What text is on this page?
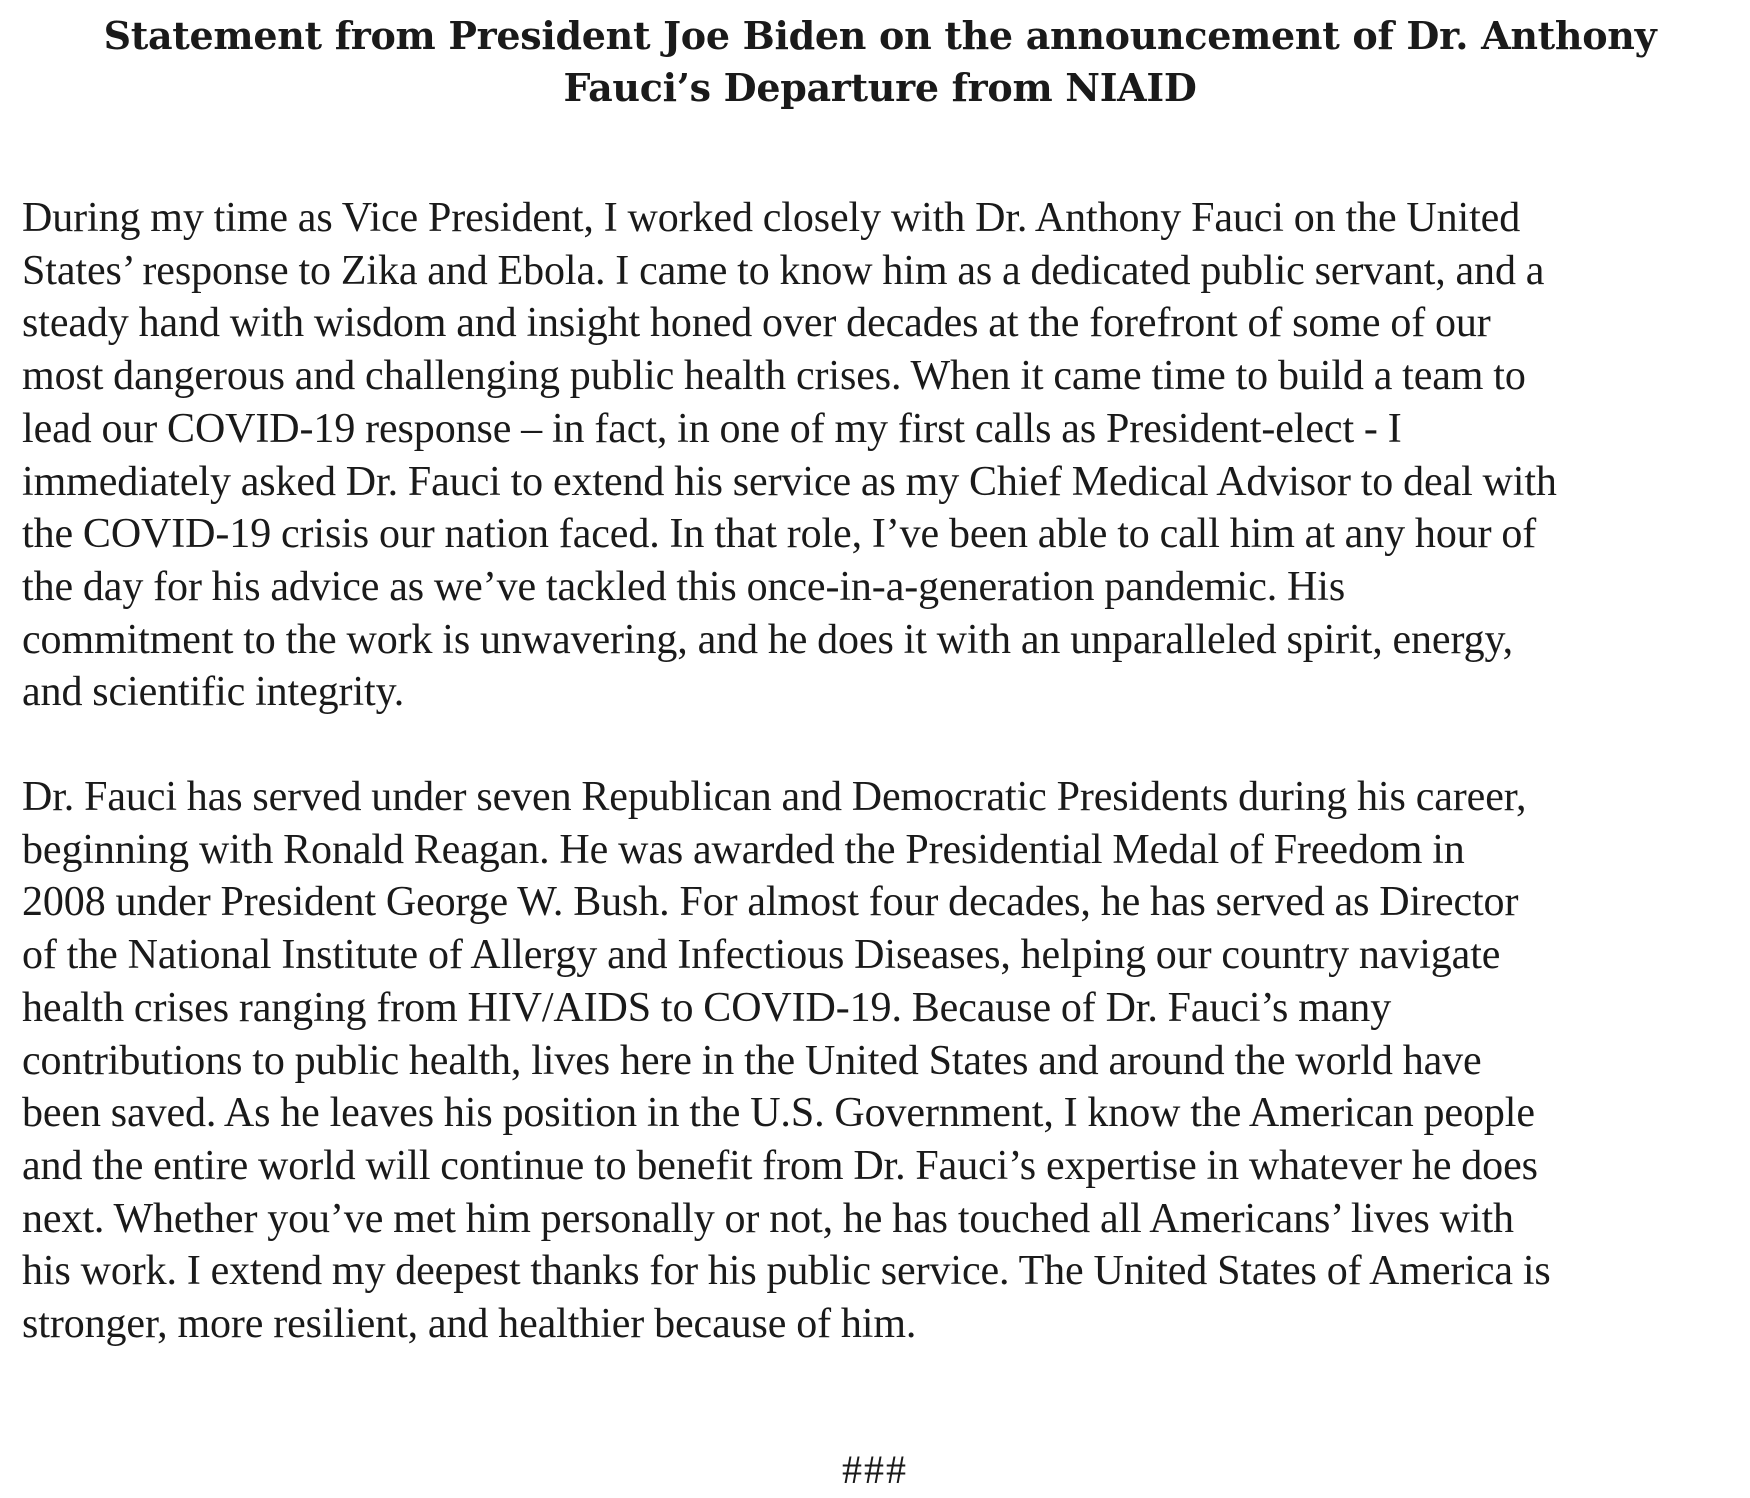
Statement from President Joe Biden on the announcement of Dr. Anthony
Fauci’s Departure from NIAID
During my time as Vice President, I worked closely with Dr. Anthony Fauci on the United
States’ response to Zika and Ebola. I came to know him as a dedicated public servant, and a
steady hand with wisdom and insight honed over decades at the forefront of some of our
most dangerous and challenging public health crises. When it came time to build a team to
lead our COVID-19 response – in fact, in one of my first calls as President-elect - I
immediately asked Dr. Fauci to extend his service as my Chief Medical Advisor to deal with
the COVID-19 crisis our nation faced. In that role, I’ve been able to call him at any hour of
the day for his advice as we’ve tackled this once-in-a-generation pandemic. His
commitment to the work is unwavering, and he does it with an unparalleled spirit, energy,
and scientific integrity.
Dr. Fauci has served under seven Republican and Democratic Presidents during his career,
beginning with Ronald Reagan. He was awarded the Presidential Medal of Freedom in
2008 under President George W. Bush. For almost four decades, he has served as Director
of the National Institute of Allergy and Infectious Diseases, helping our country navigate
health crises ranging from HIV/AIDS to COVID-19. Because of Dr. Fauci’s many
contributions to public health, lives here in the United States and around the world have
been saved. As he leaves his position in the U.S. Government, I know the American people
and the entire world will continue to benefit from Dr. Fauci’s expertise in whatever he does
next. Whether you’ve met him personally or not, he has touched all Americans’ lives with
his work. I extend my deepest thanks for his public service. The United States of America is
stronger, more resilient, and healthier because of him.
###
